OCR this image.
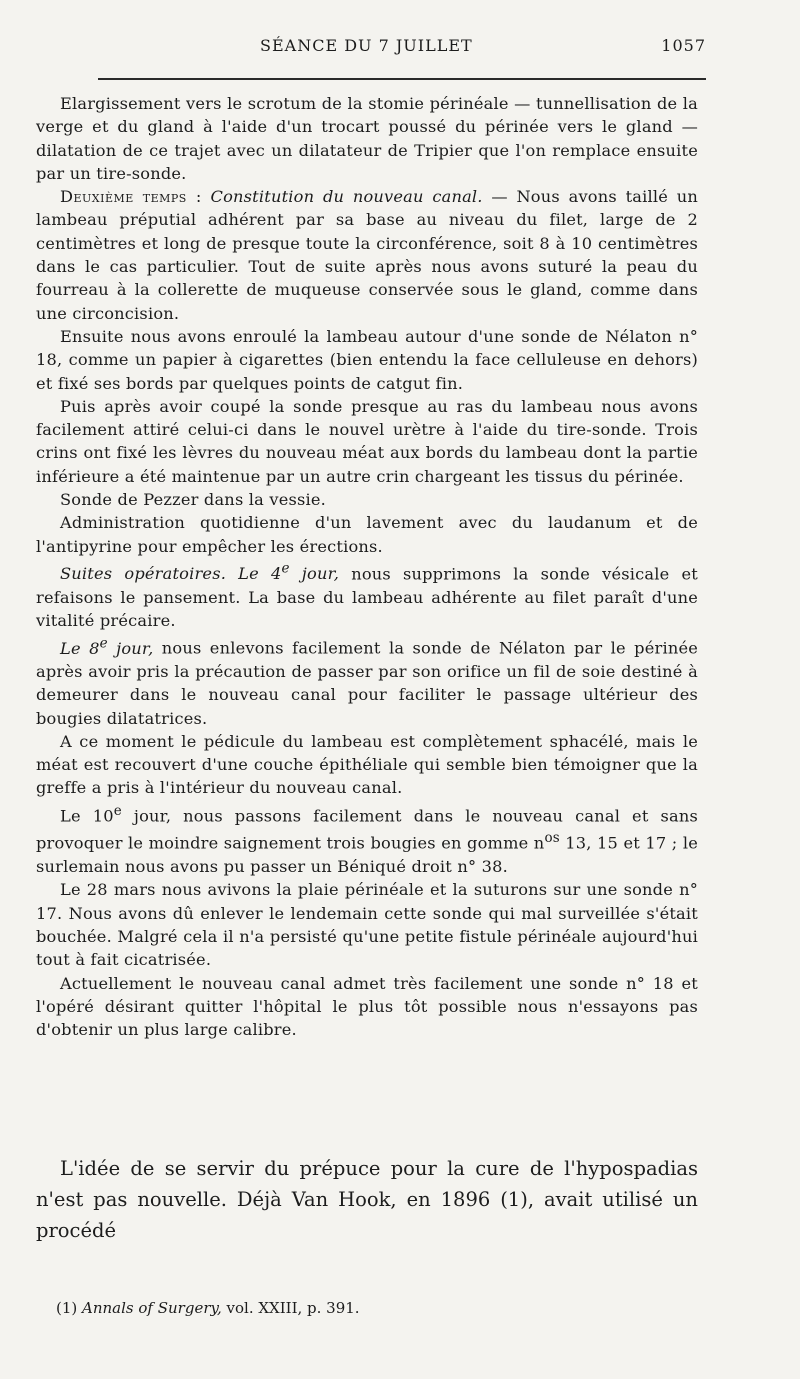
SÉANCE DU 7 JUILLET	1057

Elargissement vers le scrotum de la stomie périnéale — tunnellisation de la verge et du gland à l'aide d'un trocart poussé du périnée vers le gland — dilatation de ce trajet avec un dilatateur de Tripier que l'on remplace ensuite par un tire-sonde.

Deuxième temps : Constitution du nouveau canal. — Nous avons taillé un lambeau préputial adhérent par sa base au niveau du filet, large de 2 centimètres et long de presque toute la circonférence, soit 8 à 10 centimètres dans le cas particulier. Tout de suite après nous avons suturé la peau du fourreau à la collerette de muqueuse conservée sous le gland, comme dans une circoncision.

Ensuite nous avons enroulé la lambeau autour d'une sonde de Nélaton n° 18, comme un papier à cigarettes (bien entendu la face celluleuse en dehors) et fixé ses bords par quelques points de catgut fin.

Puis après avoir coupé la sonde presque au ras du lambeau nous avons facilement attiré celui-ci dans le nouvel urètre à l'aide du tire-sonde. Trois crins ont fixé les lèvres du nouveau méat aux bords du lambeau dont la partie inférieure a été maintenue par un autre crin chargeant les tissus du périnée.

Sonde de Pezzer dans la vessie.

Administration quotidienne d'un lavement avec du laudanum et de l'antipyrine pour empêcher les érections.

Suites opératoires. Le 4e jour, nous supprimons la sonde vésicale et refaisons le pansement. La base du lambeau adhérente au filet paraît d'une vitalité précaire.

Le 8e jour, nous enlevons facilement la sonde de Nélaton par le périnée après avoir pris la précaution de passer par son orifice un fil de soie destiné à demeurer dans le nouveau canal pour faciliter le passage ultérieur des bougies dilatatrices.

A ce moment le pédicule du lambeau est complètement sphacélé, mais le méat est recouvert d'une couche épithéliale qui semble bien témoigner que la greffe a pris à l'intérieur du nouveau canal.

Le 10e jour, nous passons facilement dans le nouveau canal et sans provoquer le moindre saignement trois bougies en gomme $n^{os}$ 13, 15 et 17 ; le surlemain nous avons pu passer un Béniqué droit n° 38.

Le 28 mars nous avivons la plaie périnéale et la suturons sur une sonde n° 17. Nous avons dû enlever le lendemain cette sonde qui mal surveillée s'était bouchée. Malgré cela il n'a persisté qu'une petite fistule périnéale aujourd'hui tout à fait cicatrisée.

Actuellement le nouveau canal admet très facilement une sonde n° 18 et l'opéré désirant quitter l'hôpital le plus tôt possible nous n'essayons pas d'obtenir un plus large calibre.

L'idée de se servir du prépuce pour la cure de l'hypospadias n'est pas nouvelle. Déjà Van Hook, en 1896 (1), avait utilisé un procédé

(1) Annals of Surgery, vol. XXIII, p. 391.
